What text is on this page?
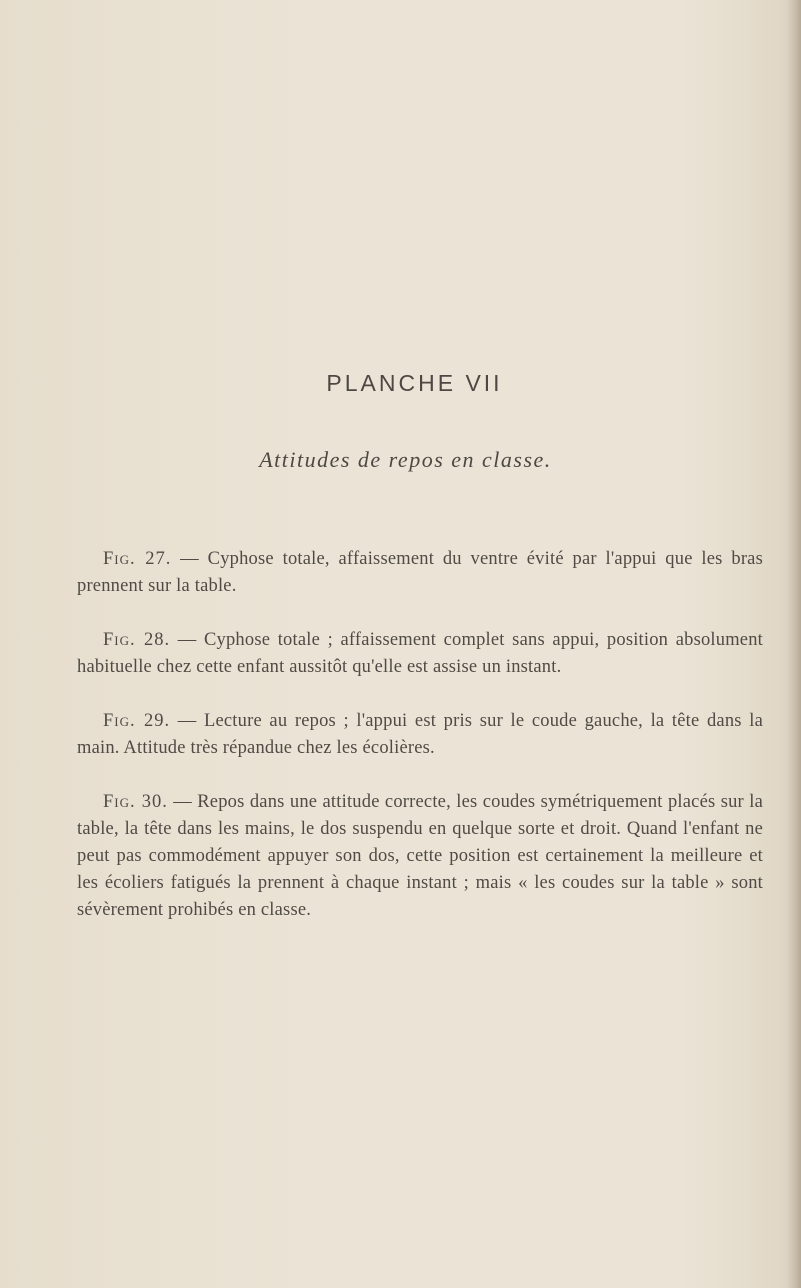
PLANCHE VII
Attitudes de repos en classe.

Fig. 27. — Cyphose totale, affaissement du ventre évité par l'appui que les bras prennent sur la table.

Fig. 28. — Cyphose totale ; affaissement complet sans appui, position absolument habituelle chez cette enfant aussitôt qu'elle est assise un instant.

Fig. 29. — Lecture au repos ; l'appui est pris sur le coude gauche, la tête dans la main. Attitude très répandue chez les écolières.

Fig. 30. — Repos dans une attitude correcte, les coudes symétriquement placés sur la table, la tête dans les mains, le dos suspendu en quelque sorte et droit. Quand l'enfant ne peut pas commodément appuyer son dos, cette position est certainement la meilleure et les écoliers fatigués la prennent à chaque instant ; mais « les coudes sur la table » sont sévèrement prohibés en classe.
